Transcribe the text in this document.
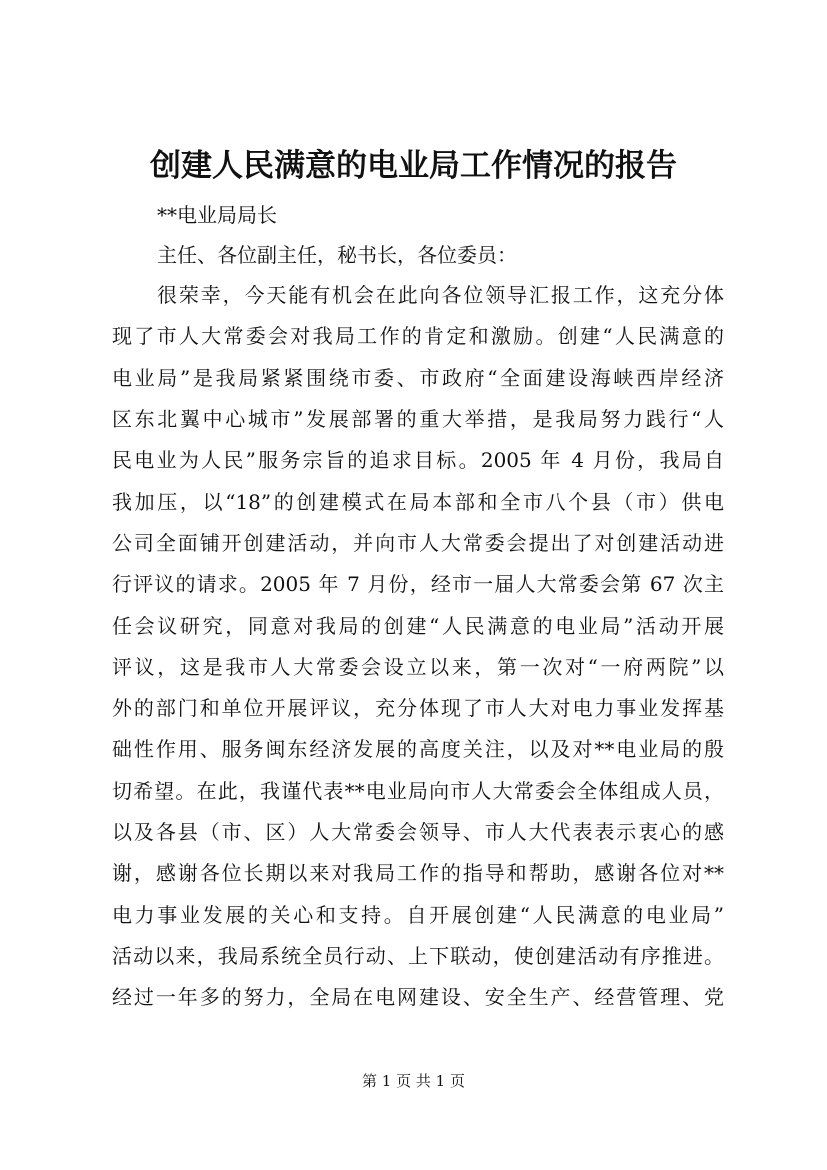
创建人民满意的电业局工作情况的报告
**电业局局长
主任、各位副主任，秘书长，各位委员：
很荣幸，今天能有机会在此向各位领导汇报工作，这充分体
现了市人大常委会对我局工作的肯定和激励。创建“人民满意的
电业局”是我局紧紧围绕市委、市政府“全面建设海峡西岸经济
区东北翼中心城市”发展部署的重大举措，是我局努力践行“人
民电业为人民”服务宗旨的追求目标。2005 年 4 月份，我局自
我加压，以“18”的创建模式在局本部和全市八个县（市）供电
公司全面铺开创建活动，并向市人大常委会提出了对创建活动进
行评议的请求。2005 年 7 月份，经市一届人大常委会第 67 次主
任会议研究，同意对我局的创建“人民满意的电业局”活动开展
评议，这是我市人大常委会设立以来，第一次对“一府两院”以
外的部门和单位开展评议，充分体现了市人大对电力事业发挥基
础性作用、服务闽东经济发展的高度关注，以及对**电业局的殷
切希望。在此，我谨代表**电业局向市人大常委会全体组成人员，
以及各县（市、区）人大常委会领导、市人大代表表示衷心的感
谢，感谢各位长期以来对我局工作的指导和帮助，感谢各位对**
电力事业发展的关心和支持。自开展创建“人民满意的电业局”
活动以来，我局系统全员行动、上下联动，使创建活动有序推进。
经过一年多的努力，全局在电网建设、安全生产、经营管理、党
第 1 页 共 1 页
